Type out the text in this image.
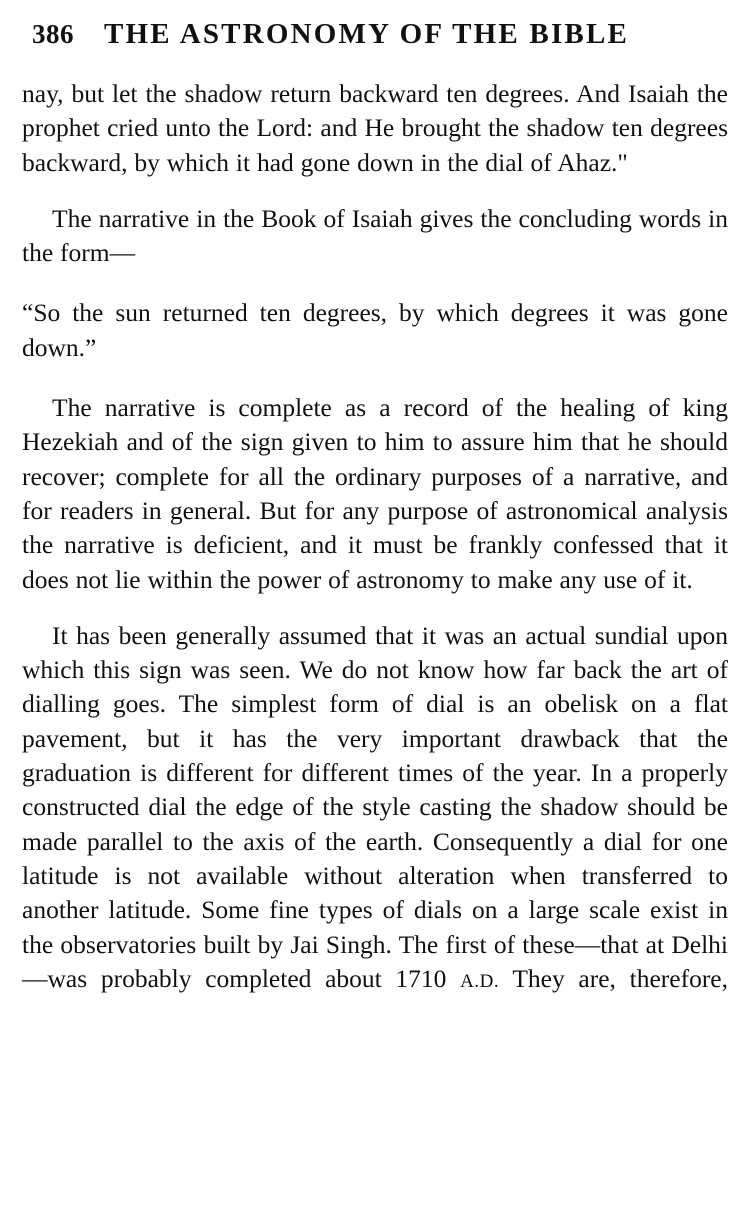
386 THE ASTRONOMY OF THE BIBLE

nay, but let the shadow return backward ten degrees. And Isaiah the prophet cried unto the Lord: and He brought the shadow ten degrees backward, by which it had gone down in the dial of Ahaz."

The narrative in the Book of Isaiah gives the concluding words in the form—

“So the sun returned ten degrees, by which degrees it was gone down.”

The narrative is complete as a record of the healing of king Hezekiah and of the sign given to him to assure him that he should recover; complete for all the ordinary purposes of a narrative, and for readers in general. But for any purpose of astronomical analysis the narrative is deficient, and it must be frankly confessed that it does not lie within the power of astronomy to make any use of it.

It has been generally assumed that it was an actual sundial upon which this sign was seen. We do not know how far back the art of dialling goes. The simplest form of dial is an obelisk on a flat pavement, but it has the very important drawback that the graduation is different for different times of the year. In a properly constructed dial the edge of the style casting the shadow should be made parallel to the axis of the earth. Consequently a dial for one latitude is not available without alteration when transferred to another latitude. Some fine types of dials on a large scale exist in the observatories built by Jai Singh. The first of these—that at Delhi—was probably completed about 1710 A.D. They are, therefore,
